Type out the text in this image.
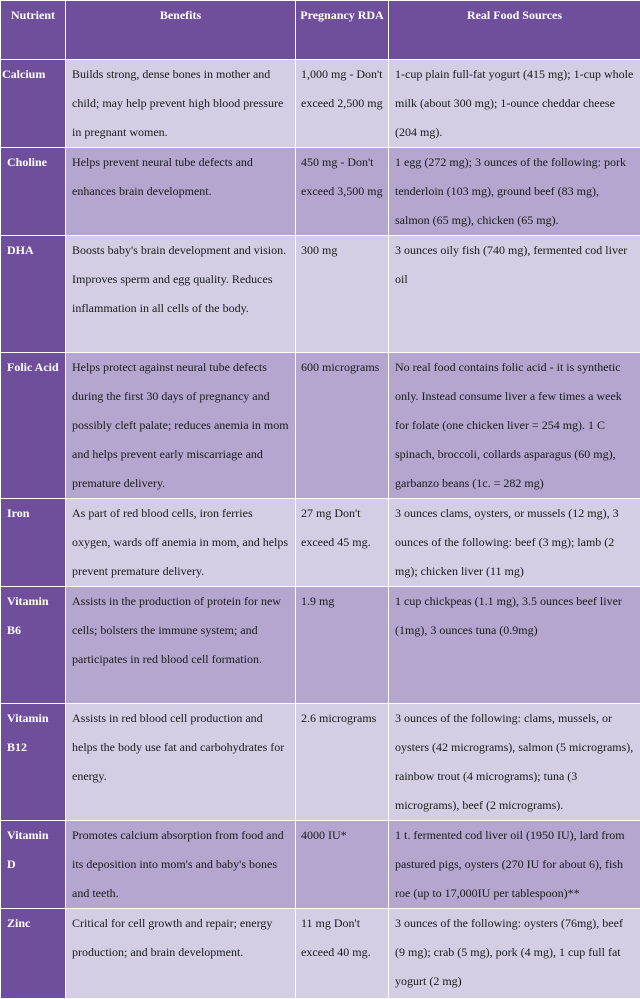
Nutrient	Benefits	Pregnancy RDA	Real Food Sources
Calcium	Builds strong, dense bones in mother and child; may help prevent high blood pressure in pregnant women.	1,000 mg - Don't exceed 2,500 mg	1-cup plain full-fat yogurt (415 mg); 1-cup whole milk (about 300 mg); 1-ounce cheddar cheese (204 mg).
Choline	Helps prevent neural tube defects and enhances brain development.	450 mg - Don't exceed 3,500 mg	1 egg (272 mg); 3 ounces of the following: pork tenderloin (103 mg), ground beef (83 mg), salmon (65 mg), chicken (65 mg).
DHA	Boosts baby's brain development and vision. Improves sperm and egg quality. Reduces inflammation in all cells of the body.	300 mg	3 ounces oily fish (740 mg), fermented cod liver oil
Folic Acid	Helps protect against neural tube defects during the first 30 days of pregnancy and possibly cleft palate; reduces anemia in mom and helps prevent early miscarriage and premature delivery.	600 micrograms	No real food contains folic acid - it is synthetic only. Instead consume liver a few times a week for folate (one chicken liver = 254 mg). 1 C spinach, broccoli, collards asparagus (60 mg), garbanzo beans (1c. = 282 mg)
Iron	As part of red blood cells, iron ferries oxygen, wards off anemia in mom, and helps prevent premature delivery.	27 mg Don't exceed 45 mg.	3 ounces clams, oysters, or mussels (12 mg), 3 ounces of the following: beef (3 mg); lamb (2 mg); chicken liver (11 mg)
Vitamin B6	Assists in the production of protein for new cells; bolsters the immune system; and participates in red blood cell formation.	1.9 mg	1 cup chickpeas (1.1 mg), 3.5 ounces beef liver (1mg), 3 ounces tuna (0.9mg)
Vitamin B12	Assists in red blood cell production and helps the body use fat and carbohydrates for energy.	2.6 micrograms	3 ounces of the following: clams, mussels, or oysters (42 micrograms), salmon (5 micrograms), rainbow trout (4 micrograms); tuna (3 micrograms), beef (2 micrograms).
Vitamin D	Promotes calcium absorption from food and its deposition into mom's and baby's bones and teeth.	4000 IU*	1 t. fermented cod liver oil (1950 IU), lard from pastured pigs, oysters (270 IU for about 6), fish roe (up to 17,000IU per tablespoon)**
Zinc	Critical for cell growth and repair; energy production; and brain development.	11 mg Don't exceed 40 mg.	3 ounces of the following: oysters (76mg), beef (9 mg); crab (5 mg), pork (4 mg), 1 cup full fat yogurt (2 mg)
